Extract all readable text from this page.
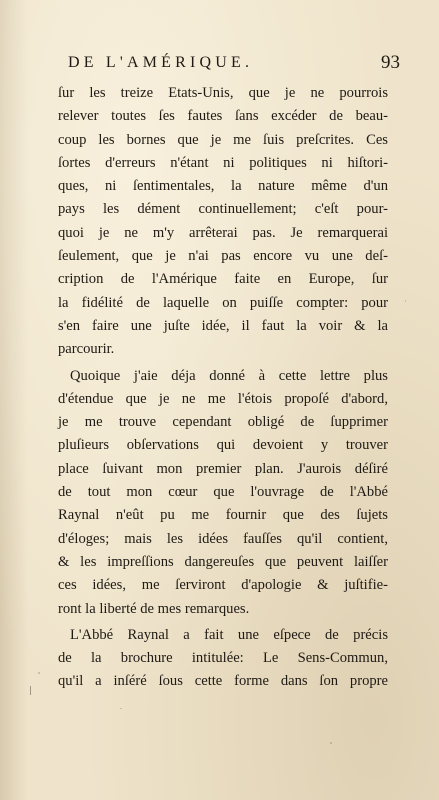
DE L'AMÉRIQUE.	93
ſur les treize Etats-Unis, que je ne pourrois
relever toutes ſes fautes ſans excéder de beau-
coup les bornes que je me ſuis preſcrites. Ces
ſortes d'erreurs n'étant ni politiques ni hiſtori-
ques, ni ſentimentales, la nature même d'un
pays les dément continuellement; c'eſt pour-
quoi je ne m'y arrêterai pas. Je remarquerai
ſeulement, que je n'ai pas encore vu une deſ-
cription de l'Amérique faite en Europe, ſur
la fidélité de laquelle on puiſſe compter: pour
s'en faire une juſte idée, il faut la voir & la
parcourir.
Quoique j'aie déja donné à cette lettre plus
d'étendue que je ne me l'étois propoſé d'abord,
je me trouve cependant obligé de ſupprimer
pluſieurs obſervations qui devoient y trouver
place ſuivant mon premier plan. J'aurois déſiré
de tout mon cœur que l'ouvrage de l'Abbé
Raynal n'eût pu me fournir que des ſujets
d'éloges; mais les idées fauſſes qu'il contient,
& les impreſſions dangereuſes que peuvent laiſſer
ces idées, me ſerviront d'apologie & juſtifie-
ront la liberté de mes remarques.
L'Abbé Raynal a fait une eſpece de précis
de la brochure intitulée: Le Sens-Commun,
qu'il a inſéré ſous cette forme dans ſon propre
